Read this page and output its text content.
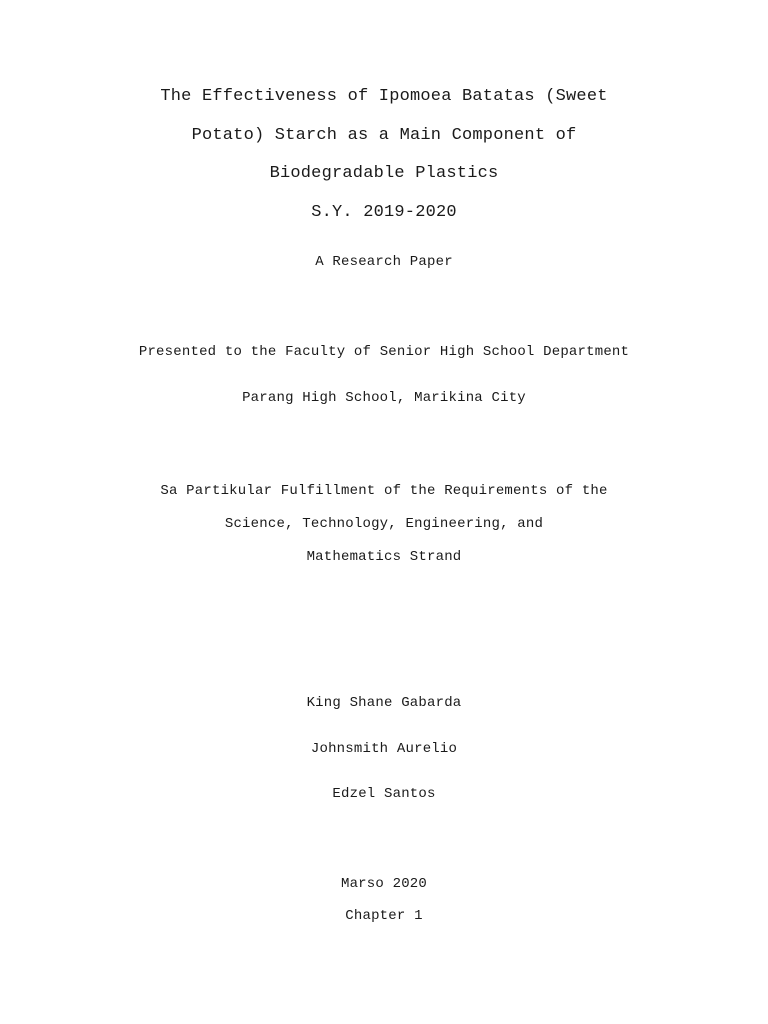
The Effectiveness of Ipomoea Batatas (Sweet
Potato) Starch as a Main Component of
Biodegradable Plastics
S.Y. 2019-2020
A Research Paper
Presented to the Faculty of Senior High School Department
Parang High School, Marikina City
Sa Partikular Fulfillment of the Requirements of the
Science, Technology, Engineering, and
Mathematics Strand
King Shane Gabarda
Johnsmith Aurelio
Edzel Santos
Marso 2020
Chapter 1
